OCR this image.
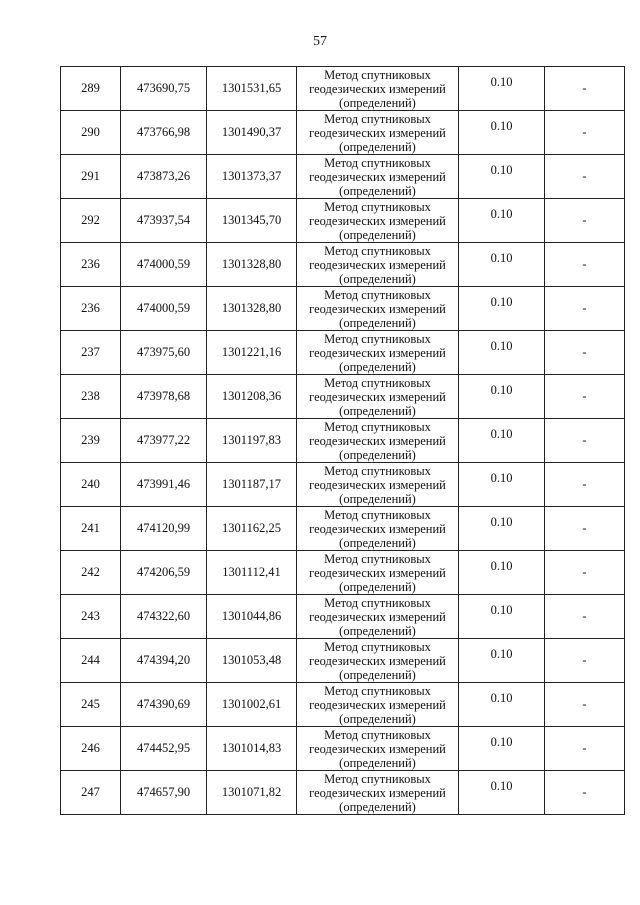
57
289	473690,75	1301531,65	Метод спутниковых
геодезических измерений
(определений)	0.10	-
290	473766,98	1301490,37	Метод спутниковых
геодезических измерений
(определений)	0.10	-
291	473873,26	1301373,37	Метод спутниковых
геодезических измерений
(определений)	0.10	-
292	473937,54	1301345,70	Метод спутниковых
геодезических измерений
(определений)	0.10	-
236	474000,59	1301328,80	Метод спутниковых
геодезических измерений
(определений)	0.10	-
236	474000,59	1301328,80	Метод спутниковых
геодезических измерений
(определений)	0.10	-
237	473975,60	1301221,16	Метод спутниковых
геодезических измерений
(определений)	0.10	-
238	473978,68	1301208,36	Метод спутниковых
геодезических измерений
(определений)	0.10	-
239	473977,22	1301197,83	Метод спутниковых
геодезических измерений
(определений)	0.10	-
240	473991,46	1301187,17	Метод спутниковых
геодезических измерений
(определений)	0.10	-
241	474120,99	1301162,25	Метод спутниковых
геодезических измерений
(определений)	0.10	-
242	474206,59	1301112,41	Метод спутниковых
геодезических измерений
(определений)	0.10	-
243	474322,60	1301044,86	Метод спутниковых
геодезических измерений
(определений)	0.10	-
244	474394,20	1301053,48	Метод спутниковых
геодезических измерений
(определений)	0.10	-
245	474390,69	1301002,61	Метод спутниковых
геодезических измерений
(определений)	0.10	-
246	474452,95	1301014,83	Метод спутниковых
геодезических измерений
(определений)	0.10	-
247	474657,90	1301071,82	Метод спутниковых
геодезических измерений
(определений)	0.10	-
